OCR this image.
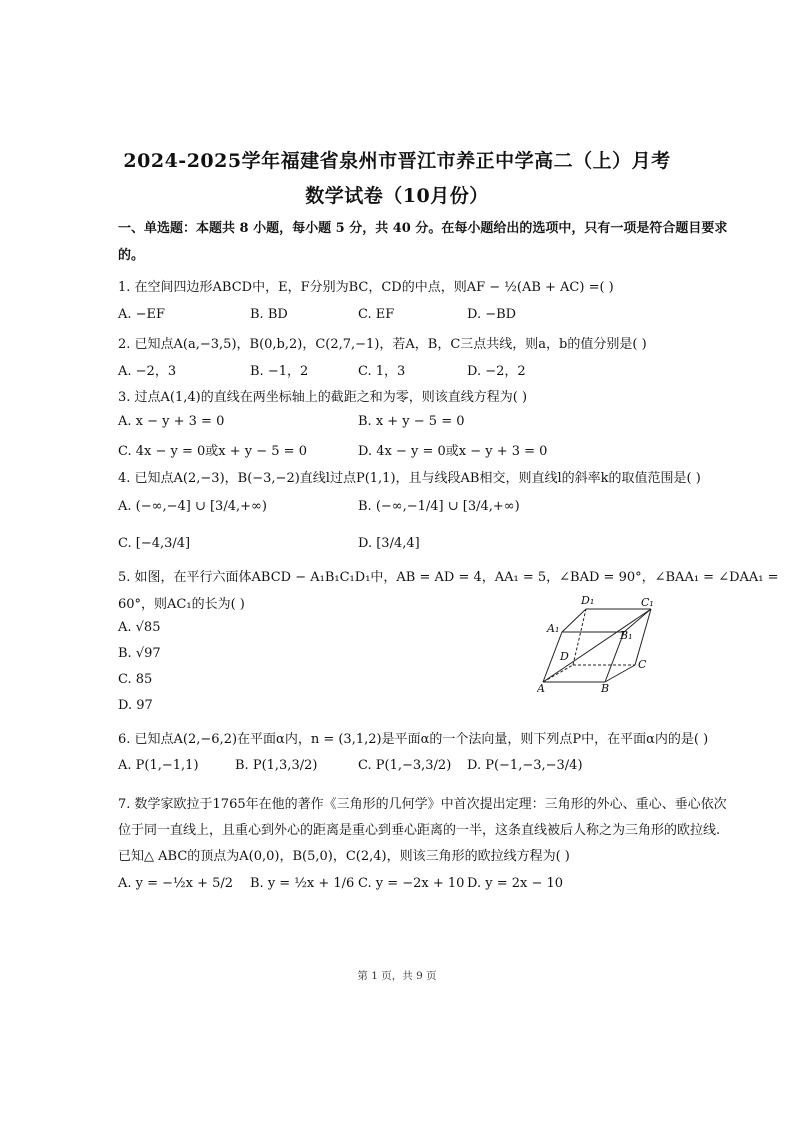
2024-2025学年福建省泉州市晋江市养正中学高二（上）月考
数学试卷（10月份）
一、单选题：本题共 8 小题，每小题 5 分，共 40 分。在每小题给出的选项中，只有一项是符合题目要求
的。
1. 在空间四边形ABCD中，E，F分别为BC，CD的中点，则AF − ½(AB + AC) =( )
A. −EF	B. BD	C. EF	D. −BD
2. 已知点A(a,−3,5)，B(0,b,2)，C(2,7,−1)，若A，B，C三点共线，则a，b的值分别是( )
A. −2，3	B. −1，2	C. 1，3	D. −2，2
3. 过点A(1,4)的直线在两坐标轴上的截距之和为零，则该直线方程为( )
A. x − y + 3 = 0	B. x + y − 5 = 0
C. 4x − y = 0或x + y − 5 = 0	D. 4x − y = 0或x − y + 3 = 0
4. 已知点A(2,−3)，B(−3,−2)直线l过点P(1,1)，且与线段AB相交，则直线l的斜率k的取值范围是( )
A. (−∞,−4] ∪ [3/4,+∞)	B. (−∞,−1/4] ∪ [3/4,+∞)
C. [−4,3/4]	D. [3/4,4]
5. 如图，在平行六面体ABCD − A₁B₁C₁D₁中，AB = AD = 4，AA₁ = 5，∠BAD = 90°，∠BAA₁ = ∠DAA₁ =
60°，则AC₁的长为( )
A. √85
B. √97
C. 85
D. 97
D₁	C₁
A₁
B₁
D
C
A	B
6. 已知点A(2,−6,2)在平面α内，n = (3,1,2)是平面α的一个法向量，则下列点P中，在平面α内的是( )
A. P(1,−1,1)	B. P(1,3,3/2)	C. P(1,−3,3/2) D. P(−1,−3,−3/4)
7. 数学家欧拉于1765年在他的著作《三角形的几何学》中首次提出定理：三角形的外心、重心、垂心依次
位于同一直线上，且重心到外心的距离是重心到垂心距离的一半，这条直线被后人称之为三角形的欧拉线.
已知△ ABC的顶点为A(0,0)，B(5,0)，C(2,4)，则该三角形的欧拉线方程为( )
A. y = −½x + 5/2 B. y = ½x + 1/6 C. y = −2x + 10 D. y = 2x − 10
第 1 页，共 9 页
